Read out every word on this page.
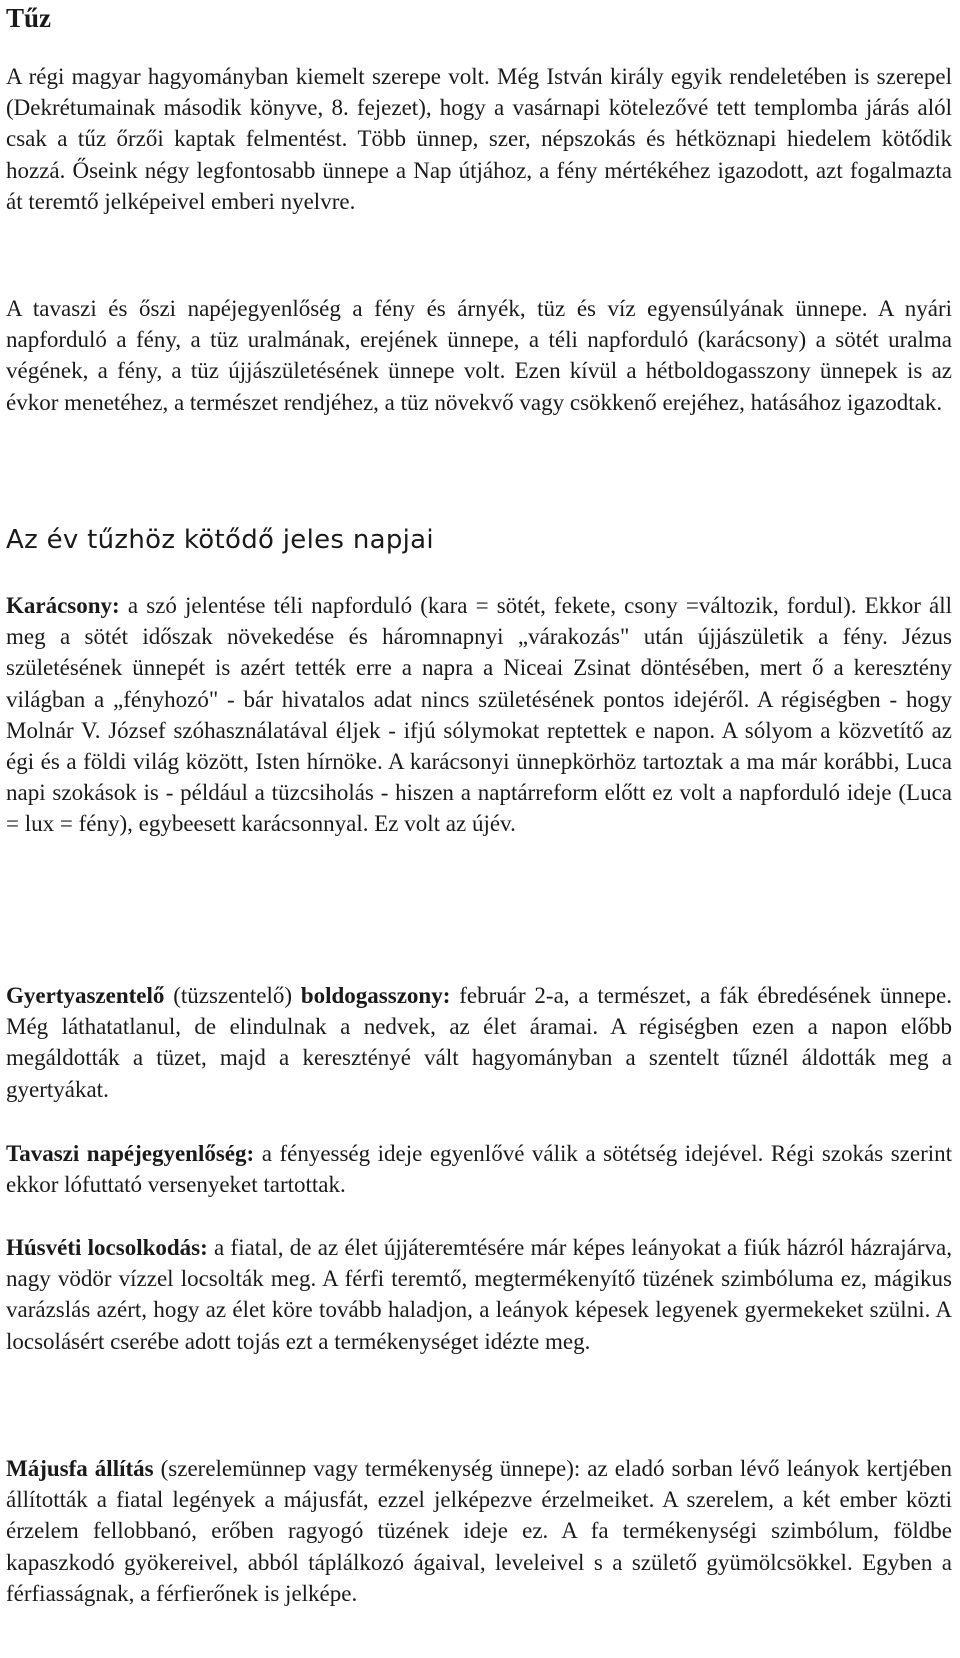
Tűz

A régi magyar hagyományban kiemelt szerepe volt. Még István király egyik rendeletében is szerepel (Dekrétumainak második könyve, 8. fejezet), hogy a vasárnapi kötelezővé tett templomba járás alól csak a tűz őrzői kaptak felmentést. Több ünnep, szer, népszokás és hétköznapi hiedelem kötődik hozzá. Őseink négy legfontosabb ünnepe a Nap útjához, a fény mértékéhez igazodott, azt fogalmazta át teremtő jelképeivel emberi nyelvre.

A tavaszi és őszi napéjegyenlőség a fény és árnyék, tüz és víz egyensúlyának ünnepe. A nyári napforduló a fény, a tüz uralmának, erejének ünnepe, a téli napforduló (karácsony) a sötét uralma végének, a fény, a tüz újjászületésének ünnepe volt. Ezen kívül a hétboldogasszony ünnepek is az évkor menetéhez, a természet rendjéhez, a tüz növekvő vagy csökkenő erejéhez, hatásához igazodtak.

Az év tűzhöz kötődő jeles napjai

Karácsony: a szó jelentése téli napforduló (kara = sötét, fekete, csony =változik, fordul). Ekkor áll meg a sötét időszak növekedése és háromnapnyi „várakozás" után újjászületik a fény. Jézus születésének ünnepét is azért tették erre a napra a Niceai Zsinat döntésében, mert ő a keresztény világban a „fényhozó" - bár hivatalos adat nincs születésének pontos idejéről. A régiségben - hogy Molnár V. József szóhasználatával éljek - ifjú sólymokat reptettek e napon. A sólyom a közvetítő az égi és a földi világ között, Isten hírnöke. A karácsonyi ünnepkörhöz tartoztak a ma már korábbi, Luca napi szokások is - például a tüzcsiholás - hiszen a naptárreform előtt ez volt a napforduló ideje (Luca = lux = fény), egybeesett karácsonnyal. Ez volt az újév.

Gyertyaszentelő (tüzszentelő) boldogasszony: február 2-a, a természet, a fák ébredésének ünnepe. Még láthatatlanul, de elindulnak a nedvek, az élet áramai. A régiségben ezen a napon előbb megáldották a tüzet, majd a keresztényé vált hagyományban a szentelt tűznél áldották meg a gyertyákat.

Tavaszi napéjegyenlőség: a fényesség ideje egyenlővé válik a sötétség idejével. Régi szokás szerint ekkor lófuttató versenyeket tartottak.

Húsvéti locsolkodás: a fiatal, de az élet újjáteremtésére már képes leányokat a fiúk házról házrajárva, nagy vödör vízzel locsolták meg. A férfi teremtő, megtermékenyítő tüzének szimbóluma ez, mágikus varázslás azért, hogy az élet köre tovább haladjon, a leányok képesek legyenek gyermekeket szülni. A locsolásért cserébe adott tojás ezt a termékenységet idézte meg.

Májusfa állítás (szerelemünnep vagy termékenység ünnepe): az eladó sorban lévő leányok kertjében állították a fiatal legények a májusfát, ezzel jelképezve érzelmeiket. A szerelem, a két ember közti érzelem fellobbanó, erőben ragyogó tüzének ideje ez. A fa termékenységi szimbólum, földbe kapaszkodó gyökereivel, abból táplálkozó ágaival, leveleivel s a születő gyümölcsökkel. Egyben a férfiasságnak, a férfierőnek is jelképe.
